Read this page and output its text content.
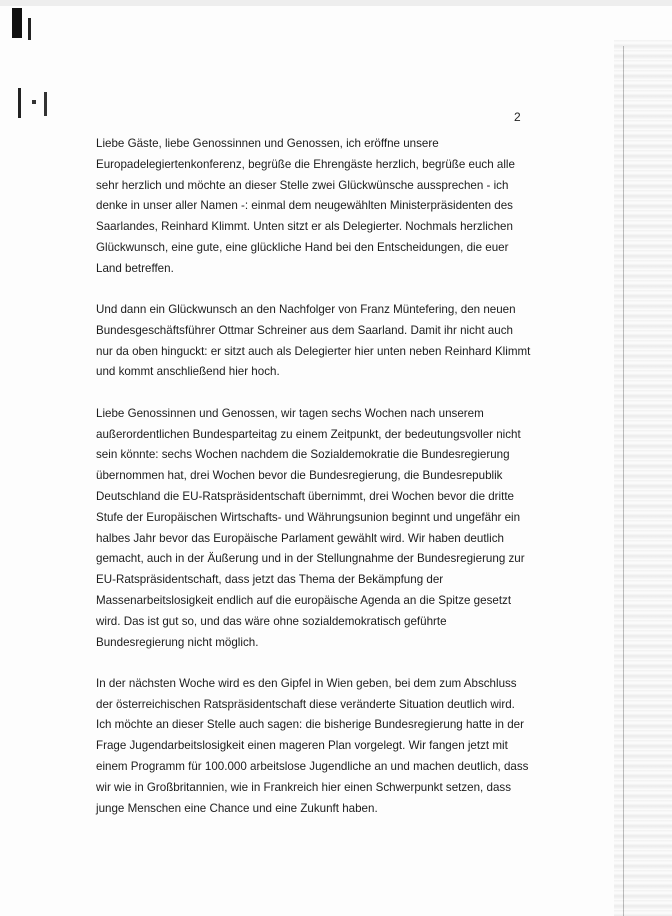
2
Liebe Gäste, liebe Genossinnen und Genossen, ich eröffne unsere
Europadelegiertenkonferenz, begrüße die Ehrengäste herzlich, begrüße euch alle
sehr herzlich und möchte an dieser Stelle zwei Glückwünsche aussprechen - ich
denke in unser aller Namen -: einmal dem neugewählten Ministerpräsidenten des
Saarlandes, Reinhard Klimmt. Unten sitzt er als Delegierter. Nochmals herzlichen
Glückwunsch, eine gute, eine glückliche Hand bei den Entscheidungen, die euer
Land betreffen.
Und dann ein Glückwunsch an den Nachfolger von Franz Müntefering, den neuen
Bundesgeschäftsführer Ottmar Schreiner aus dem Saarland. Damit ihr nicht auch
nur da oben hinguckt: er sitzt auch als Delegierter hier unten neben Reinhard Klimmt
und kommt anschließend hier hoch.
Liebe Genossinnen und Genossen, wir tagen sechs Wochen nach unserem
außerordentlichen Bundesparteitag zu einem Zeitpunkt, der bedeutungsvoller nicht
sein könnte: sechs Wochen nachdem die Sozialdemokratie die Bundesregierung
übernommen hat, drei Wochen bevor die Bundesregierung, die Bundesrepublik
Deutschland die EU-Ratspräsidentschaft übernimmt, drei Wochen bevor die dritte
Stufe der Europäischen Wirtschafts- und Währungsunion beginnt und ungefähr ein
halbes Jahr bevor das Europäische Parlament gewählt wird. Wir haben deutlich
gemacht, auch in der Äußerung und in der Stellungnahme der Bundesregierung zur
EU-Ratspräsidentschaft, dass jetzt das Thema der Bekämpfung der
Massenarbeitslosigkeit endlich auf die europäische Agenda an die Spitze gesetzt
wird. Das ist gut so, und das wäre ohne sozialdemokratisch geführte
Bundesregierung nicht möglich.
In der nächsten Woche wird es den Gipfel in Wien geben, bei dem zum Abschluss
der österreichischen Ratspräsidentschaft diese veränderte Situation deutlich wird.
Ich möchte an dieser Stelle auch sagen: die bisherige Bundesregierung hatte in der
Frage Jugendarbeitslosigkeit einen mageren Plan vorgelegt. Wir fangen jetzt mit
einem Programm für 100.000 arbeitslose Jugendliche an und machen deutlich, dass
wir wie in Großbritannien, wie in Frankreich hier einen Schwerpunkt setzen, dass
junge Menschen eine Chance und eine Zukunft haben.
